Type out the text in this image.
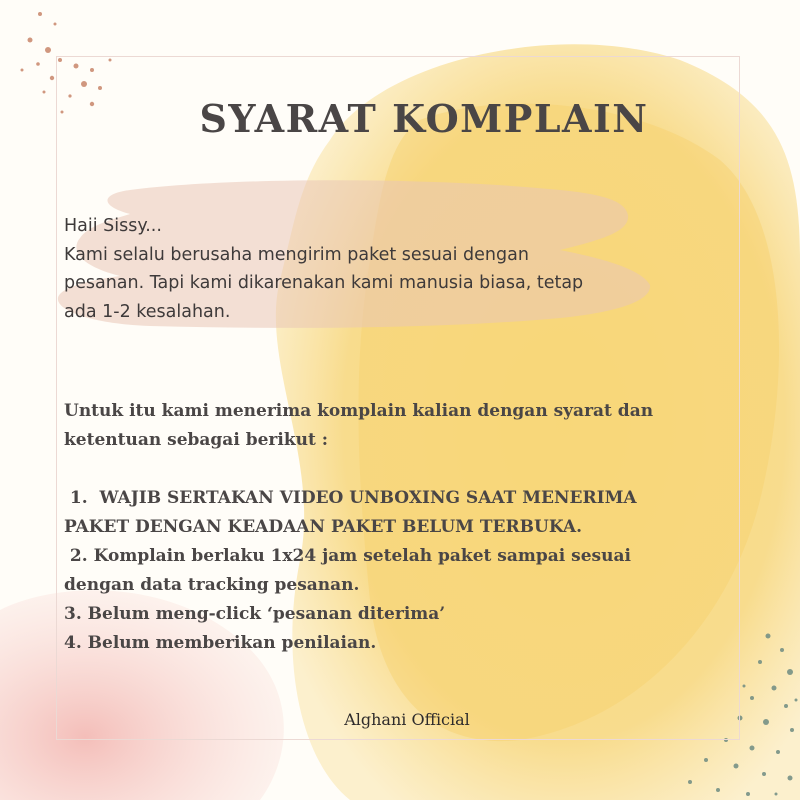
SYARAT KOMPLAIN
Haii Sissy...
Kami selalu berusaha mengirim paket sesuai dengan
pesanan. Tapi kami dikarenakan kami manusia biasa, tetap
ada 1-2 kesalahan.

Untuk itu kami menerima komplain kalian dengan syarat dan

ketentuan sebagai berikut :

1.  WAJIB SERTAKAN VIDEO UNBOXING SAAT MENERIMA

PAKET DENGAN KEADAAN PAKET BELUM TERBUKA.

2. Komplain berlaku 1x24 jam setelah paket sampai sesuai

dengan data tracking pesanan.

3. Belum meng-click ‘pesanan diterima’

4. Belum memberikan penilaian.

Alghani Official
